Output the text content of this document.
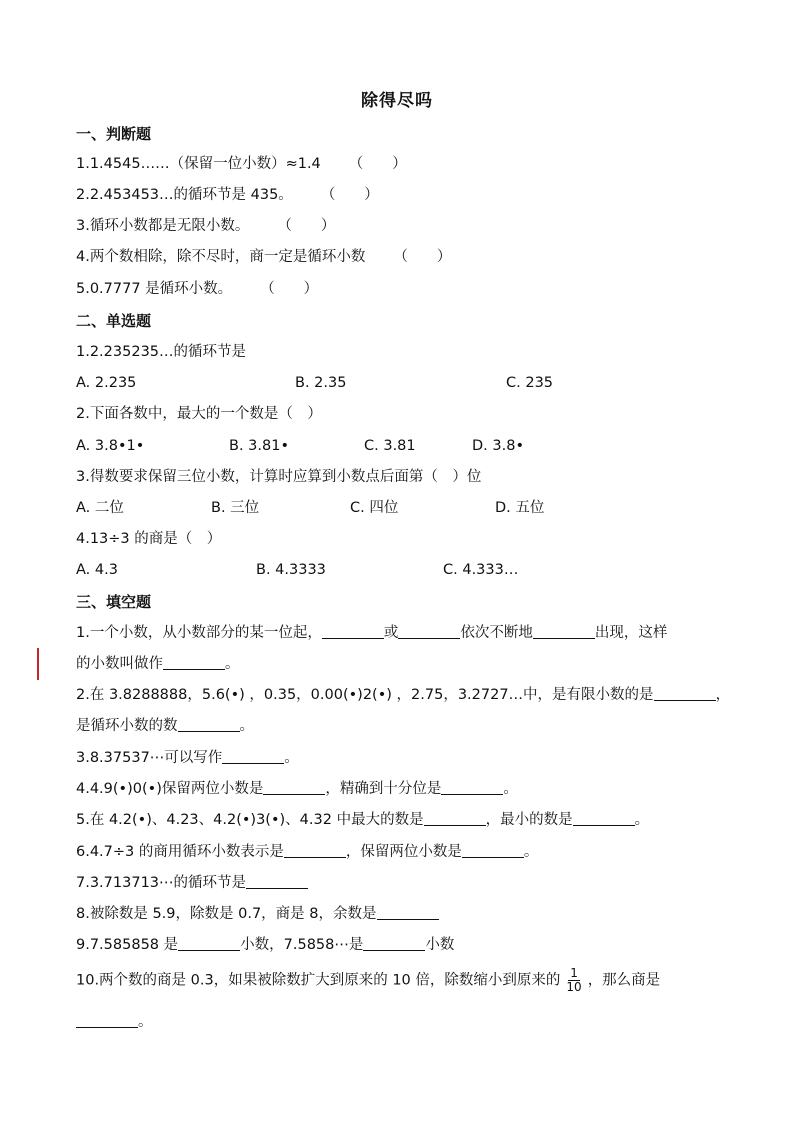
除得尽吗
一、判断题
1.1.4545……（保留一位小数）≈1.4 （　　）
2.2.453453…的循环节是 435。 （　　）
3.循环小数都是无限小数。 （　　）
4.两个数相除，除不尽时，商一定是循环小数 （　　）
5.0.7777 是循环小数。 （　　）
二、单选题
1.2.235235…的循环节是
A. 2.235	B. 2.35	C. 235
2.下面各数中，最大的一个数是（　）
A. 3.8•1•	B. 3.81•	C. 3.81	D. 3.8•
3.得数要求保留三位小数，计算时应算到小数点后面第（　）位
A. 二位	B. 三位	C. 四位	D. 五位
4.13÷3 的商是（　）
A. 4.3	B. 4.3333	C. 4.333…
三、填空题
1.一个小数，从小数部分的某一位起，	或	依次不断地	出现，这样
的小数叫做作	。
2.在 3.8288888，5.6(•) ，0.35，0.00(•)2(•) ，2.75，3.2727…中，是有限小数的是	，
是循环小数的数	。
3.8.37537⋯可以写作	。
4.4.9(•)0(•)保留两位小数是	，精确到十分位是	。
5.在 4.2(•)、4.23、4.2(•)3(•)、4.32 中最大的数是	，最小的数是	。
6.4.7÷3 的商用循环小数表示是	，保留两位小数是	。
7.3.713713⋯的循环节是
8.被除数是 5.9，除数是 0.7，商是 8，余数是
9.7.585858 是	小数，7.5858⋯是	小数
10.两个数的商是 0.3，如果被除数扩大到原来的 10 倍，除数缩小到原来的 $\frac{1}{10}$ ，那么商是
。
